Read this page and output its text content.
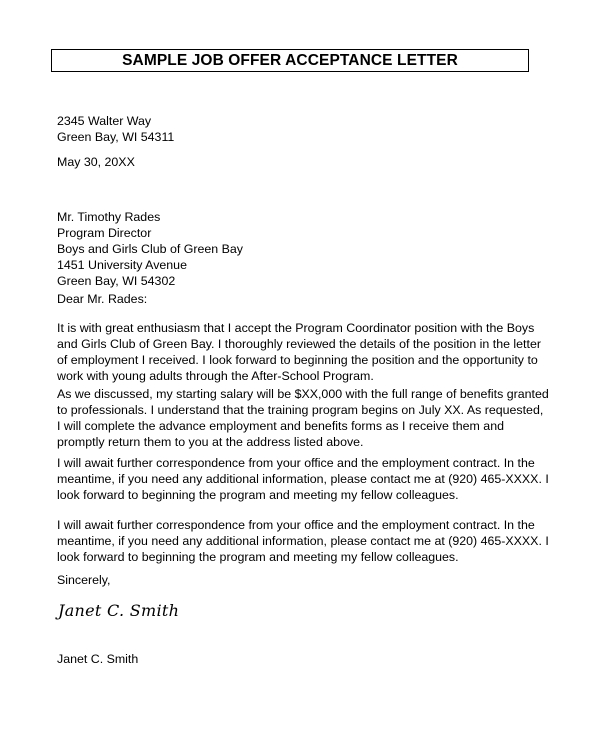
SAMPLE JOB OFFER ACCEPTANCE LETTER
2345 Walter Way
Green Bay, WI 54311
May 30, 20XX
Mr. Timothy Rades
Program Director
Boys and Girls Club of Green Bay
1451 University Avenue
Green Bay, WI 54302
Dear Mr. Rades:
It is with great enthusiasm that I accept the Program Coordinator position with the Boys
and Girls Club of Green Bay. I thoroughly reviewed the details of the position in the letter
of employment I received. I look forward to beginning the position and the opportunity to
work with young adults through the After-School Program.
As we discussed, my starting salary will be $XX,000 with the full range of benefits granted
to professionals. I understand that the training program begins on July XX. As requested,
I will complete the advance employment and benefits forms as I receive them and
promptly return them to you at the address listed above.
I will await further correspondence from your office and the employment contract. In the
meantime, if you need any additional information, please contact me at (920) 465-XXXX. I
look forward to beginning the program and meeting my fellow colleagues.
I will await further correspondence from your office and the employment contract. In the
meantime, if you need any additional information, please contact me at (920) 465-XXXX. I
look forward to beginning the program and meeting my fellow colleagues.
Sincerely,
Janet C. Smith
Janet C. Smith
